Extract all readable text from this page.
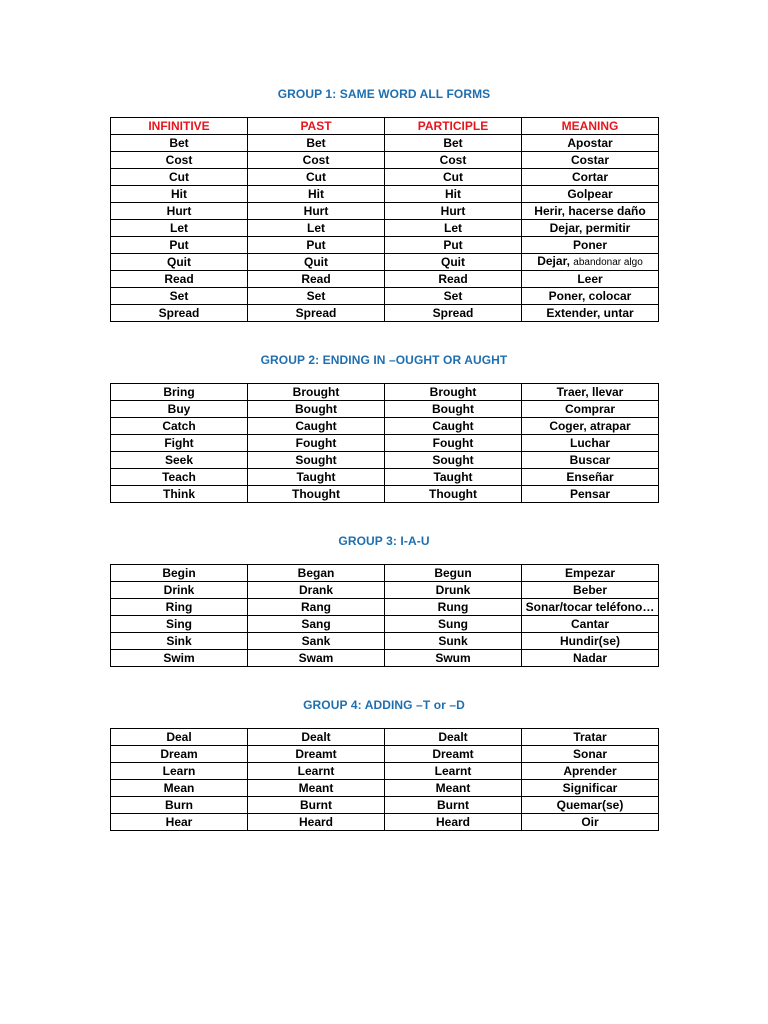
GROUP 1: SAME WORD ALL FORMS
INFINITIVE	PAST	PARTICIPLE	MEANING
Bet	Bet	Bet	Apostar
Cost	Cost	Cost	Costar
Cut	Cut	Cut	Cortar
Hit	Hit	Hit	Golpear
Hurt	Hurt	Hurt	Herir, hacerse daño
Let	Let	Let	Dejar, permitir
Put	Put	Put	Poner
Quit	Quit	Quit	Dejar, abandonar algo
Read	Read	Read	Leer
Set	Set	Set	Poner, colocar
Spread	Spread	Spread	Extender, untar
GROUP 2: ENDING IN –OUGHT OR AUGHT
Bring	Brought	Brought	Traer, llevar
Buy	Bought	Bought	Comprar
Catch	Caught	Caught	Coger, atrapar
Fight	Fought	Fought	Luchar
Seek	Sought	Sought	Buscar
Teach	Taught	Taught	Enseñar
Think	Thought	Thought	Pensar
GROUP 3: I-A-U
Begin	Began	Begun	Empezar
Drink	Drank	Drunk	Beber
Ring	Rang	Rung	Sonar/tocar teléfono…
Sing	Sang	Sung	Cantar
Sink	Sank	Sunk	Hundir(se)
Swim	Swam	Swum	Nadar
GROUP 4: ADDING –T or –D
Deal	Dealt	Dealt	Tratar
Dream	Dreamt	Dreamt	Sonar
Learn	Learnt	Learnt	Aprender
Mean	Meant	Meant	Significar
Burn	Burnt	Burnt	Quemar(se)
Hear	Heard	Heard	Oir
